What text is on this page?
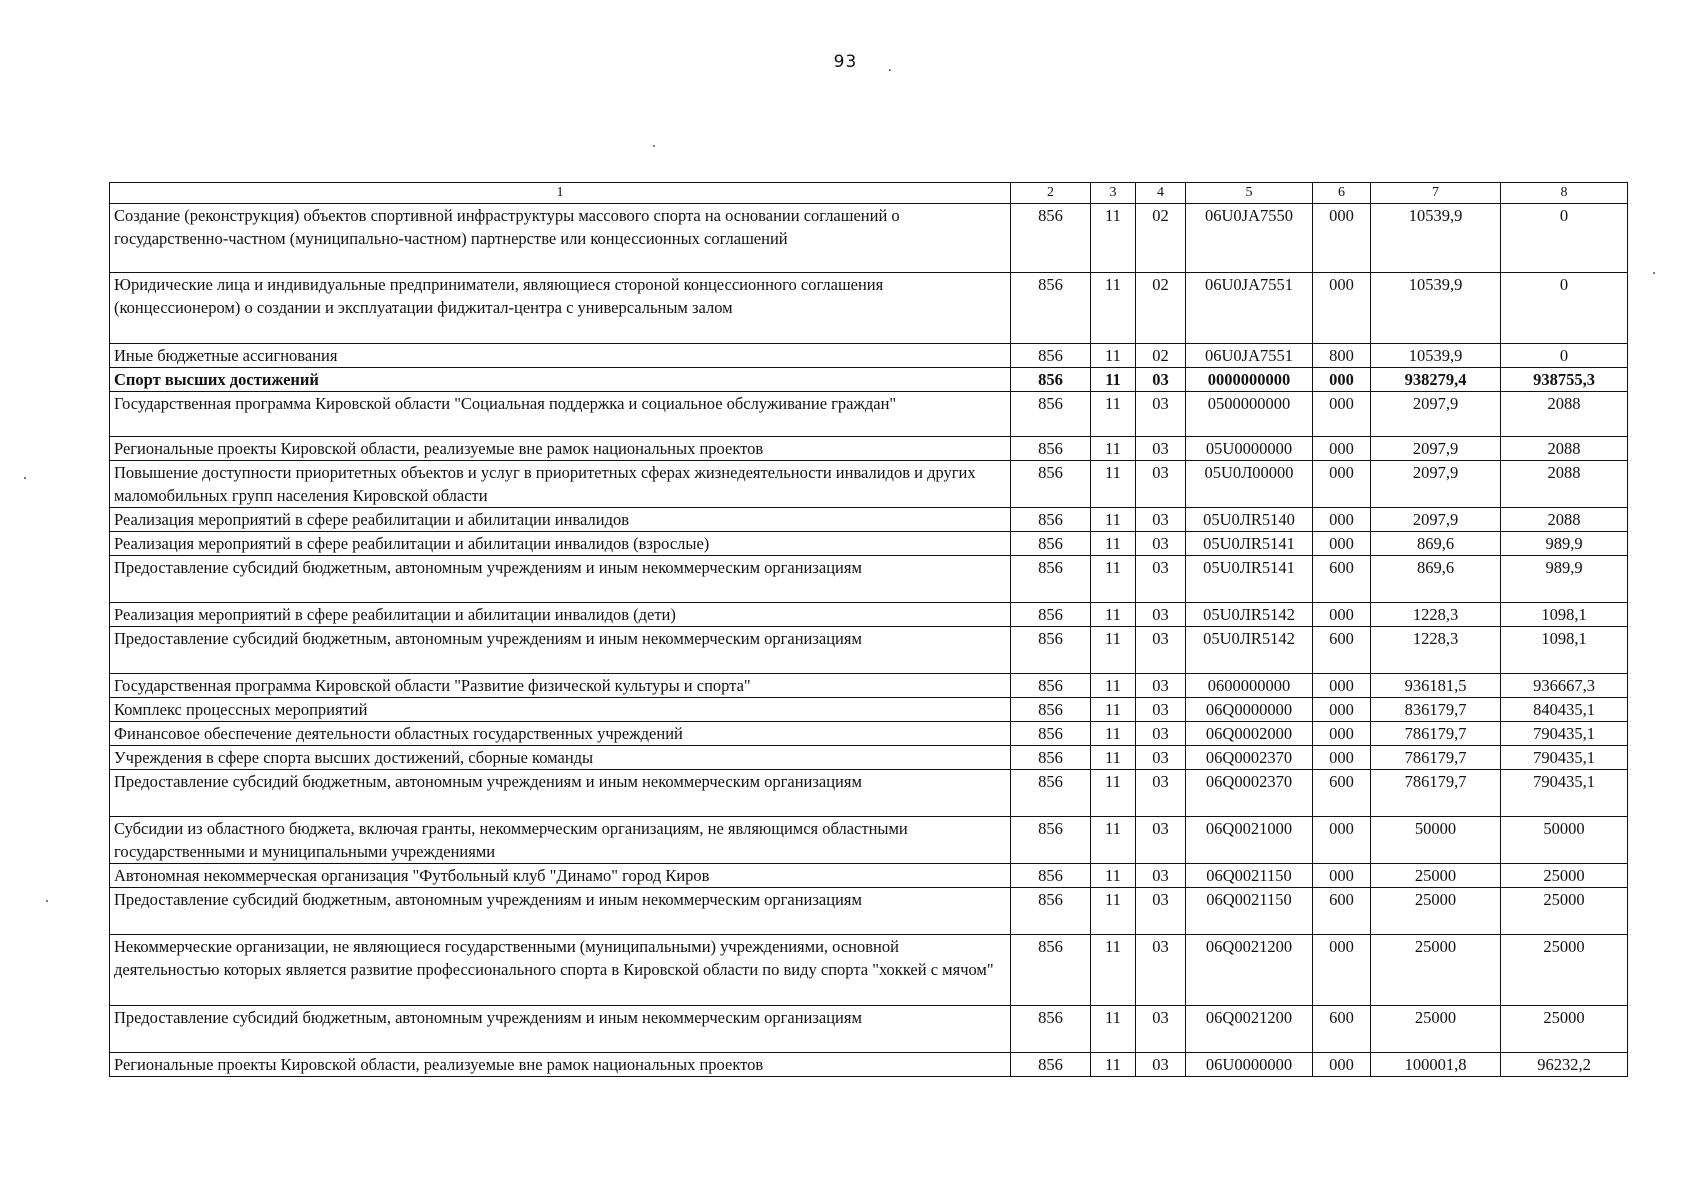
93	.
1	2	3	4	5	6	7	8
Создание (реконструкция) объектов спортивной инфраструктуры массового спорта на основании соглашений о государственно-частном (муниципально-частном) партнерстве или концессионных соглашений	856	11	02	06U0JA7550	000	10539,9	0
Юридические лица и индивидуальные предприниматели, являющиеся стороной концессионного соглашения (концессионером) о создании и эксплуатации фиджитал-центра с универсальным залом	856	11	02	06U0JA7551	000	10539,9	0
Иные бюджетные ассигнования	856	11	02	06U0JA7551	800	10539,9	0
Спорт высших достижений	856	11	03	0000000000	000	938279,4	938755,3
Государственная программа Кировской области "Социальная поддержка и социальное обслуживание граждан"	856	11	03	0500000000	000	2097,9	2088
Региональные проекты Кировской области, реализуемые вне рамок национальных проектов	856	11	03	05U0000000	000	2097,9	2088
Повышение доступности приоритетных объектов и услуг в приоритетных сферах жизнедеятельности инвалидов и других маломобильных групп населения Кировской области	856	11	03	05U0Л00000	000	2097,9	2088
Реализация мероприятий в сфере реабилитации и абилитации инвалидов	856	11	03	05U0ЛR5140	000	2097,9	2088
Реализация мероприятий в сфере реабилитации и абилитации инвалидов (взрослые)	856	11	03	05U0ЛR5141	000	869,6	989,9
Предоставление субсидий бюджетным, автономным учреждениям и иным некоммерческим организациям	856	11	03	05U0ЛR5141	600	869,6	989,9
Реализация мероприятий в сфере реабилитации и абилитации инвалидов (дети)	856	11	03	05U0ЛR5142	000	1228,3	1098,1
Предоставление субсидий бюджетным, автономным учреждениям и иным некоммерческим организациям	856	11	03	05U0ЛR5142	600	1228,3	1098,1
Государственная программа Кировской области "Развитие физической культуры и спорта"	856	11	03	0600000000	000	936181,5	936667,3
Комплекс процессных мероприятий	856	11	03	06Q0000000	000	836179,7	840435,1
Финансовое обеспечение деятельности областных государственных учреждений	856	11	03	06Q0002000	000	786179,7	790435,1
Учреждения в сфере спорта высших достижений, сборные команды	856	11	03	06Q0002370	000	786179,7	790435,1
Предоставление субсидий бюджетным, автономным учреждениям и иным некоммерческим организациям	856	11	03	06Q0002370	600	786179,7	790435,1
Субсидии из областного бюджета, включая гранты, некоммерческим организациям, не являющимся областными государственными и муниципальными учреждениями	856	11	03	06Q0021000	000	50000	50000
Автономная некоммерческая организация "Футбольный клуб "Динамо" город Киров	856	11	03	06Q0021150	000	25000	25000
Предоставление субсидий бюджетным, автономным учреждениям и иным некоммерческим организациям	856	11	03	06Q0021150	600	25000	25000
Некоммерческие организации, не являющиеся государственными (муниципальными) учреждениями, основной деятельностью которых является развитие профессионального спорта в Кировской области по виду спорта "хоккей с мячом"	856	11	03	06Q0021200	000	25000	25000
Предоставление субсидий бюджетным, автономным учреждениям и иным некоммерческим организациям	856	11	03	06Q0021200	600	25000	25000
Региональные проекты Кировской области, реализуемые вне рамок национальных проектов	856	11	03	06U0000000	000	100001,8	96232,2
